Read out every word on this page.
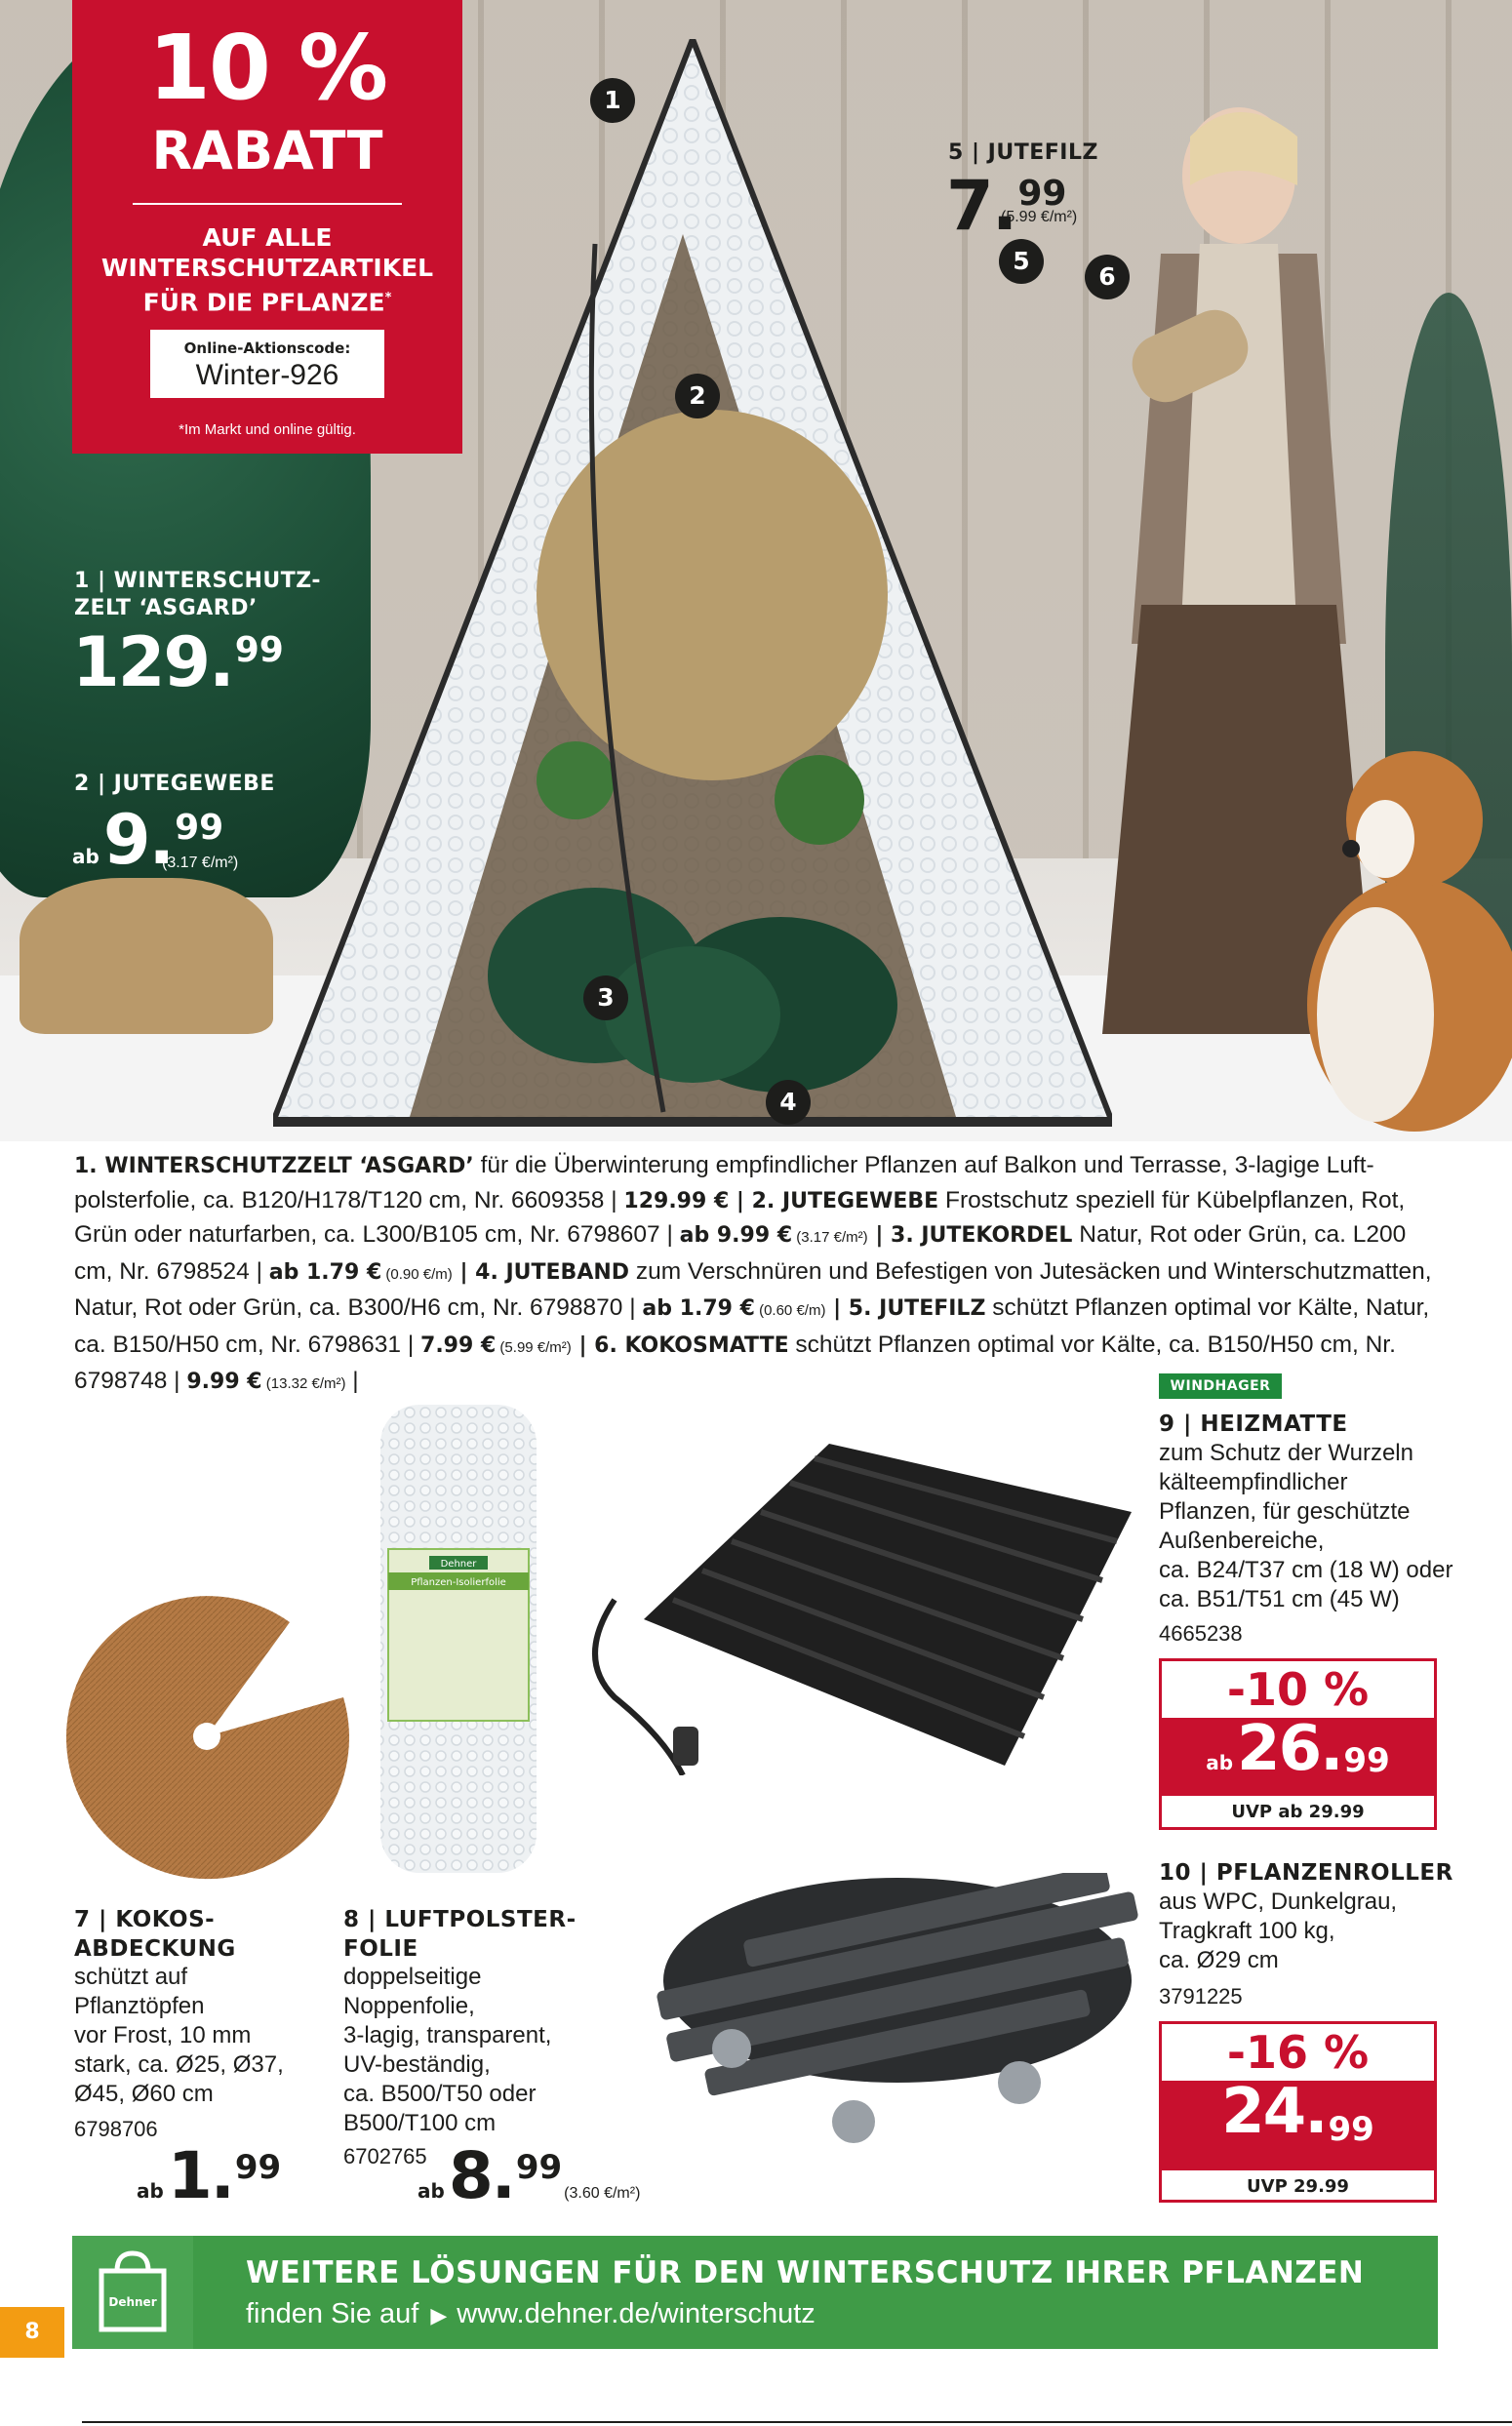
10 %
RABATT
AUF ALLE
WINTERSCHUTZARTIKEL
FÜR DIE PFLANZE*
Online-Aktionscode:
Winter-926
*Im Markt und online gültig.
1
2
3
4
5
6
1 | WINTERSCHUTZ-
ZELT ‘ASGARD’
129.99
2 | JUTEGEWEBE
ab9.99
(3.17 €/m²)
5 | JUTEFILZ
7.99
(5.99 €/m²)
1. WINTERSCHUTZZELT ‘ASGARD’ für die Überwinterung empfindlicher Pflanzen auf Balkon und Terrasse, 3-lagige Luftpolsterfolie, ca. B120/H178/T120 cm, Nr. 6609358 | 129.99 € | 2. JUTEGEWEBE Frostschutz speziell für Kübelpflanzen, Rot, Grün oder naturfarben, ca. L300/B105 cm, Nr. 6798607 | ab 9.99 € (3.17 €/m²) | 3. JUTEKORDEL Natur, Rot oder Grün, ca. L200 cm, Nr. 6798524 | ab 1.79 € (0.90 €/m) | 4. JUTEBAND zum Verschnüren und Befestigen von Jutesäcken und Winterschutzmatten, Natur, Rot oder Grün, ca. B300/H6 cm, Nr. 6798870 | ab 1.79 € (0.60 €/m) | 5. JUTEFILZ schützt Pflanzen optimal vor Kälte, Natur, ca. B150/H50 cm, Nr. 6798631 | 7.99 € (5.99 €/m²) | 6. KOKOSMATTE schützt Pflanzen optimal vor Kälte, ca. B150/H50 cm, Nr. 6798748 | 9.99 € (13.32 €/m²) |
Dehner
Pflanzen-Isolierfolie
WINDHAGER
7 | KOKOS-
ABDECKUNG
schützt auf
Pflanztöpfen
vor Frost, 10 mm
stark, ca. Ø25, Ø37,
Ø45, Ø60 cm
6798706
ab1.99
8 | LUFTPOLSTER-
FOLIE
doppelseitige
Noppenfolie,
3-lagig, transparent,
UV-beständig,
ca. B500/T50 oder
B500/T100 cm
6702765
ab8.99(3.60 €/m²)
9 | HEIZMATTE
zum Schutz der Wurzeln
kälteempfindlicher
Pflanzen, für geschützte
Außenbereiche,
ca. B24/T37 cm (18 W) oder
ca. B51/T51 cm (45 W)
4665238
-10 %
ab26.99
UVP ab 29.99
10 | PFLANZENROLLER
aus WPC, Dunkelgrau,
Tragkraft 100 kg,
ca. Ø29 cm
3791225
-16 %
24.99
UVP 29.99
Dehner
WEITERE LÖSUNGEN FÜR DEN WINTERSCHUTZ IHRER PFLANZEN
finden Sie auf ▶ www.dehner.de/winterschutz
8
